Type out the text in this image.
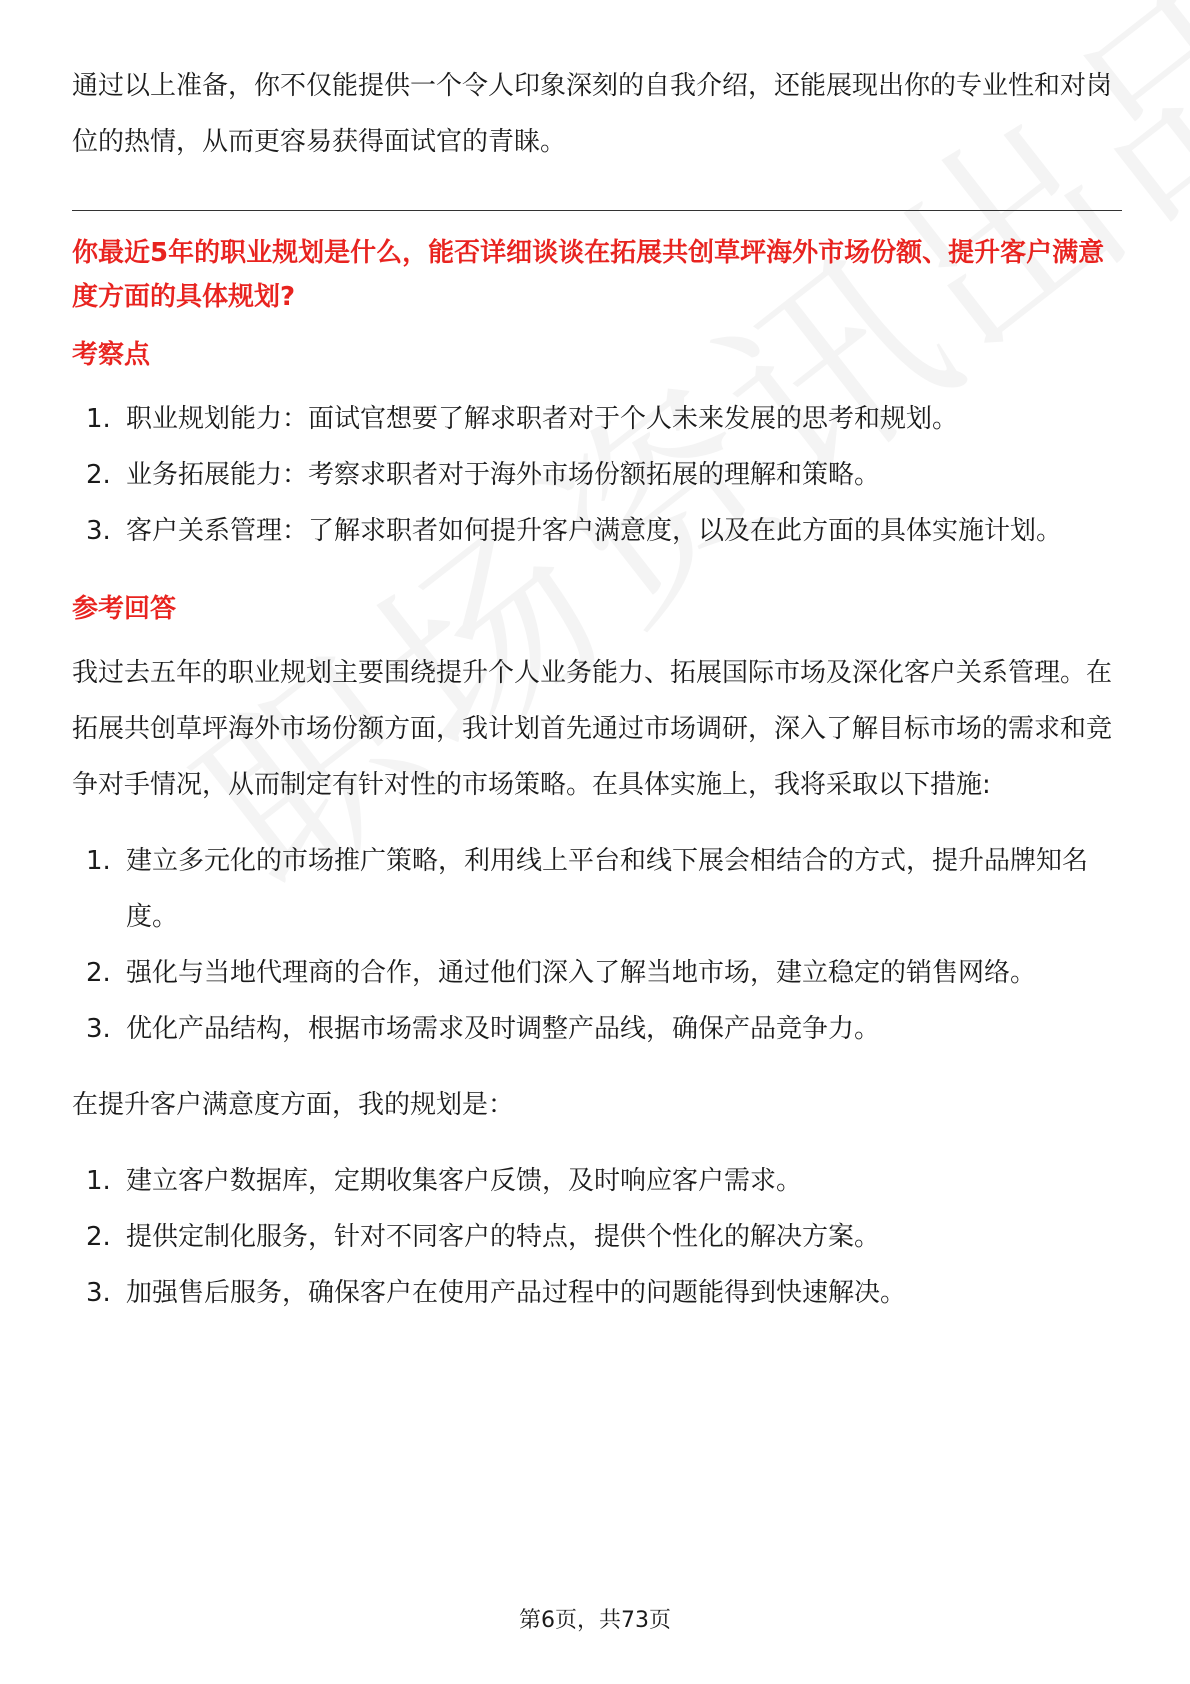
通过以上准备，你不仅能提供一个令人印象深刻的自我介绍，还能展现出你的专业性和对岗位的热情，从而更容易获得面试官的青睐。

你最近5年的职业规划是什么，能否详细谈谈在拓展共创草坪海外市场份额、提升客户满意度方面的具体规划?

考察点

1. 职业规划能力：面试官想要了解求职者对于个人未来发展的思考和规划。
2. 业务拓展能力：考察求职者对于海外市场份额拓展的理解和策略。
3. 客户关系管理：了解求职者如何提升客户满意度，以及在此方面的具体实施计划。

参考回答

我过去五年的职业规划主要围绕提升个人业务能力、拓展国际市场及深化客户关系管理。在拓展共创草坪海外市场份额方面，我计划首先通过市场调研，深入了解目标市场的需求和竞争对手情况，从而制定有针对性的市场策略。在具体实施上，我将采取以下措施:

1. 建立多元化的市场推广策略，利用线上平台和线下展会相结合的方式，提升品牌知名度。
2. 强化与当地代理商的合作，通过他们深入了解当地市场，建立稳定的销售网络。
3. 优化产品结构，根据市场需求及时调整产品线，确保产品竞争力。

在提升客户满意度方面，我的规划是：

1. 建立客户数据库，定期收集客户反馈，及时响应客户需求。
2. 提供定制化服务，针对不同客户的特点，提供个性化的解决方案。
3. 加强售后服务，确保客户在使用产品过程中的问题能得到快速解决。
第6页，共73页
